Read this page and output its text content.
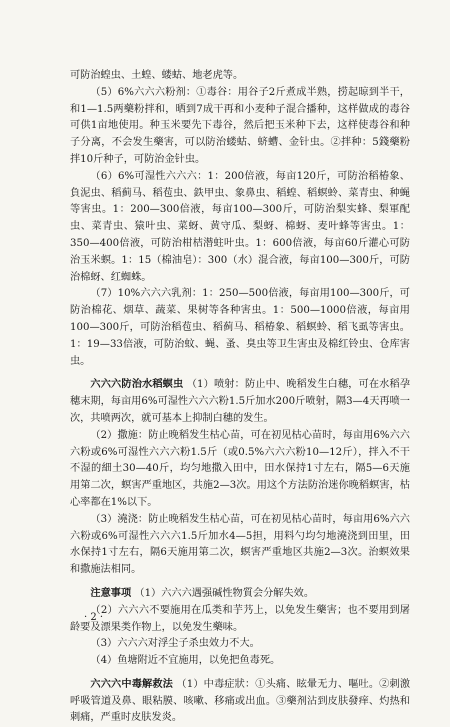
可防治蝗虫、土蝗、蝼蛄、地老虎等。

（5）6%六六六粉剂：①毒谷：用谷子2斤煮成半熟，捞起晾到半干，和1—1.5两藥粉拌和，晒到7成干再和小麦种子混合播种，这样做成的毒谷可供1亩地使用。种玉米要先下毒谷，然后把玉米种下去，这样使毒谷和种子分离，不会发生藥害，可以防治蝼蛄、蛴螬、金针虫。②拌种：5錢藥粉拌10斤种子，可防治金针虫。

（6）6%可湿性六六六：1：200倍液，每亩120斤，可防治稻椿象、負泥虫、稻蓟马、稻苞虫、鉄甲虫、象鼻虫、稻蝗、稻螟蛉、菜青虫、种蝇等害虫。1：200—300倍液，每亩100—300斤，可防治梨实蜂、梨軍配虫、菜青虫、猿叶虫、菜蚜、黄守瓜、梨蚜、棉蚜、麦叶蜂等害虫。1：350—400倍液，可防治柑桔潜蛀叶虫。1：600倍液，每亩60斤灌心可防治玉米螟。1：15（棉油皂）：300（水）混合液，每亩100—300斤，可防治棉蚜、红蜘蛛。

（7）10%六六六乳剂：1：250—500倍液，每亩用100—300斤，可防治棉花、烟草、蔬菜、果树等各种害虫。1：500—1000倍液，每亩用100—300斤，可防治稻苞虫、稻蓟马、稻椿象、稻螟蛉、稻飞虱等害虫。1：19—33倍液，可防治蚊、蝇、蚤、臭虫等卫生害虫及棉红铃虫、仓库害虫。

六六六防治水稻螟虫 （1）喷射：防止中、晚稻发生白穗，可在水稻孕穗末期，每亩用6%可湿性六六六粉1.5斤加水200斤喷射，隔3—4天再喷一次，共喷两次，就可基本上抑制白穗的发生。

（2）撒施：防止晚稻发生枯心苗，可在初见枯心苗时，每亩用6%六六六粉或6%可湿性六六六粉1.5斤（或0.5%六六六粉10—12斤），拌入不干不湿的細土30—40斤，均匀地撒入田中，田水保持1寸左右，隔5—6天施用第二次，螟害严重地区，共施2—3次。用这个方法防治迷你晚稻螟害，枯心率都在1%以下。

（3）澆浇：防止晚稻发生枯心苗，可在初见枯心苗时，每亩用6%六六六粉或6%可湿性六六六1.5斤加水4—5担，用料勺均匀地澆浇到田里，田水保持1寸左右，隔6天施用第二次，螟害严重地区共施2—3次。治螟效果和撒施法相同。

注意事项 （1）六六六遇强碱性物質会分解失效。

（2）六六六不要施用在瓜类和芋艿上，以免发生藥害；也不要用到屠龄要及漂果类作物上，以免发生藥味。

（3）六六六对浮尘子杀虫效力不大。

（4）鱼塘附近不宜施用，以免把鱼毒死。

六六六中毒解救法 （1）中毒症狀：①头痛、眩暈无力、嘔吐。②刺激呼吸管道及鼻、眼粘膜、咳嗽、移痛或出血。③藥剂沾到皮肤發痒、灼热和刺痛，严重时皮肤发炎。

· 2 ·
